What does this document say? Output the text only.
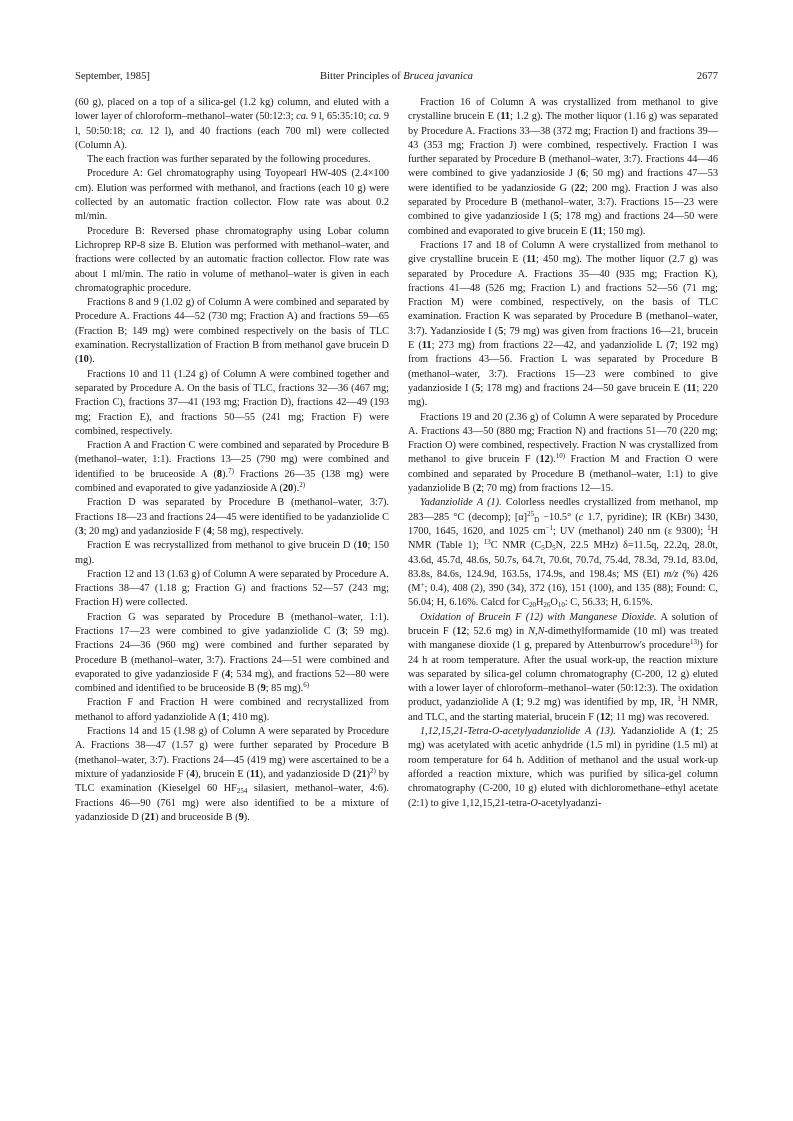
September, 1985]	Bitter Principles of Brucea javanica	2677

(60 g), placed on a top of a silica-gel (1.2 kg) column, and eluted with a lower layer of chloroform–methanol–water (50:12:3; ca. 9 l, 65:35:10; ca. 9 l, 50:50:18; ca. 12 l), and 40 fractions (each 700 ml) were collected (Column A).

The each fraction was further separated by the following procedures.

Procedure A: Gel chromatography using Toyopearl HW-40S (2.4×100 cm). Elution was performed with methanol, and fractions (each 10 g) were collected by an automatic fraction collector. Flow rate was about 0.2 ml/min.

Procedure B: Reversed phase chromatography using Lobar column Lichroprep RP-8 size B. Elution was performed with methanol–water, and fractions were collected by an automatic fraction collector. Flow rate was about 1 ml/min. The ratio in volume of methanol–water is given in each chromatographic procedure.

Fractions 8 and 9 (1.02 g) of Column A were combined and separated by Procedure A. Fractions 44—52 (730 mg; Fraction A) and fractions 59—65 (Fraction B; 149 mg) were combined respectively on the basis of TLC examination. Recrystallization of Fraction B from methanol gave brucein D (10).

Fractions 10 and 11 (1.24 g) of Column A were combined together and separated by Procedure A. On the basis of TLC, fractions 32—36 (467 mg; Fraction C), fractions 37—41 (193 mg; Fraction D), fractions 42—49 (193 mg; Fraction E), and fractions 50—55 (241 mg; Fraction F) were combined, respectively.

Fraction A and Fraction C were combined and separated by Procedure B (methanol–water, 1:1). Fractions 13—25 (790 mg) were combined and identified to be bruceoside A (8).$^{7)}$ Fractions 26—35 (138 mg) were combined and evaporated to give yadanzioside A (20).$^{2)}$

Fraction D was separated by Procedure B (methanol–water, 3:7). Fractions 18—23 and fractions 24—45 were identified to be yadanziolide C (3; 20 mg) and yadanzioside F (4; 58 mg), respectively.

Fraction E was recrystallized from methanol to give brucein D (10; 150 mg).

Fraction 12 and 13 (1.63 g) of Column A were separated by Procedure A. Fractions 38—47 (1.18 g; Fraction G) and fractions 52—57 (243 mg; Fraction H) were collected.

Fraction G was separated by Procedure B (methanol–water, 1:1). Fractions 17—23 were combined to give yadanziolide C (3; 59 mg). Fractions 24—36 (960 mg) were combined and further separated by Procedure B (methanol–water, 3:7). Fractions 24—51 were combined and evaporated to give yadanzioside F (4; 534 mg), and fractions 52—80 were combined and identified to be bruceoside B (9; 85 mg).$^{6)}$

Fraction F and Fraction H were combined and recrystallized from methanol to afford yadanziolide A (1; 410 mg).

Fractions 14 and 15 (1.98 g) of Column A were separated by Procedure A. Fractions 38—47 (1.57 g) were further separated by Procedure B (methanol–water, 3:7). Fractions 24—45 (419 mg) were ascertained to be a mixture of yadanzioside F (4), brucein E (11), and yadanzioside D $(21)^{2)}$ by TLC examination (Kieselgel 60 $HF_{254}$ silasiert, methanol–water, 4:6). Fractions 46—90 (761 mg) were also identified to be a mixture of yadanzioside D (21) and bruceoside B (9).

Fraction 16 of Column A was crystallized from methanol to give crystalline brucein E (11; 1.2 g). The mother liquor (1.16 g) was separated by Procedure A. Fractions 33—38 (372 mg; Fraction I) and fractions 39—43 (353 mg; Fraction J) were combined, respectively. Fraction I was further separated by Procedure B (methanol–water, 3:7). Fractions 44—46 were combined to give yadanzioside J (6; 50 mg) and fractions 47—53 were identified to be yadanzioside G (22; 200 mg). Fraction J was also separated by Procedure B (methanol–water, 3:7). Fractions 15—23 were combined to give yadanzioside I (5; 178 mg) and fractions 24—50 were combined and evaporated to give brucein E (11; 150 mg).

Fractions 17 and 18 of Column A were crystallized from methanol to give crystalline brucein E (11; 450 mg). The mother liquor (2.7 g) was separated by Procedure A. Fractions 35—40 (935 mg; Fraction K), fractions 41—48 (526 mg; Fraction L) and fractions 52—56 (71 mg; Fraction M) were combined, respectively, on the basis of TLC examination. Fraction K was separated by Procedure B (methanol–water, 3:7). Yadanzioside I (5; 79 mg) was given from fractions 16—21, brucein E (11; 273 mg) from fractions 22—42, and yadanziolide L (7; 192 mg) from fractions 43—56. Fraction L was separated by Procedure B (methanol–water, 3:7). Fractions 15—23 were combined to give yadanzioside I (5; 178 mg) and fractions 24—50 gave brucein E (11; 220 mg).

Fractions 19 and 20 (2.36 g) of Column A were separated by Procedure A. Fractions 43—50 (880 mg; Fraction N) and fractions 51—70 (220 mg; Fraction O) were combined, respectively. Fraction N was crystallized from methanol to give brucein F (12).$^{10)}$ Fraction M and Fraction O were combined and separated by Procedure B (methanol–water, 1:1) to give yadanziolide B (2; 70 mg) from fractions 12—15.

Yadanziolide A (1). Colorless needles crystallized from methanol, mp 283—285 °C (decomp); $[\alpha]^{25}_D -10.5^\circ$ (c 1.7, pyridine); IR (KBr) 3430, 1700, 1645, 1620, and 1025 $cm^{-1}$; UV (methanol) 240 nm (ε 9300); $^1$H NMR (Table 1); $^{13}$C NMR ($C_5D_5N$, 22.5 MHz) δ=11.5q, 22.2q, 28.0t, 43.6d, 45.7d, 48.6s, 50.7s, 64.7t, 70.6t, 70.7d, 75.4d, 78.3d, 79.1d, 83.0d, 83.8s, 84.6s, 124.9d, 163.5s, 174.9s, and 198.4s; MS (EI) m/z (%) 426 (M+; 0.4), 408 (2), 390 (34), 372 (16), 151 (100), and 135 (88); Found: C, 56.04; H, 6.16%. Calcd for $C_{20}H_{26}O_{10}$: C, 56.33; H, 6.15%.

Oxidation of Brucein F (12) with Manganese Dioxide. A solution of brucein F (12; 52.6 mg) in N,N-dimethylformamide (10 ml) was treated with manganese dioxide (1 g, prepared by Attenburrow's procedure$^{13)}$) for 24 h at room temperature. After the usual work-up, the reaction mixture was separated by silica-gel column chromatography (C-200, 12 g) eluted with a lower layer of chloroform–methanol–water (50:12:3). The oxidation product, yadanziolide A (1; 9.2 mg) was identified by mp, IR, $^1$H NMR, and TLC, and the starting material, brucein F (12; 11 mg) was recovered.

1,12,15,21-Tetra-O-acetylyadanziolide A (13). Yadanziolide A (1; 25 mg) was acetylated with acetic anhydride (1.5 ml) in pyridine (1.5 ml) at room temperature for 64 h. Addition of methanol and the usual work-up afforded a reaction mixture, which was purified by silica-gel column chromatography (C-200, 10 g) eluted with dichloromethane–ethyl acetate (2:1) to give 1,12,15,21-tetra-O-acetylyadanzi-
